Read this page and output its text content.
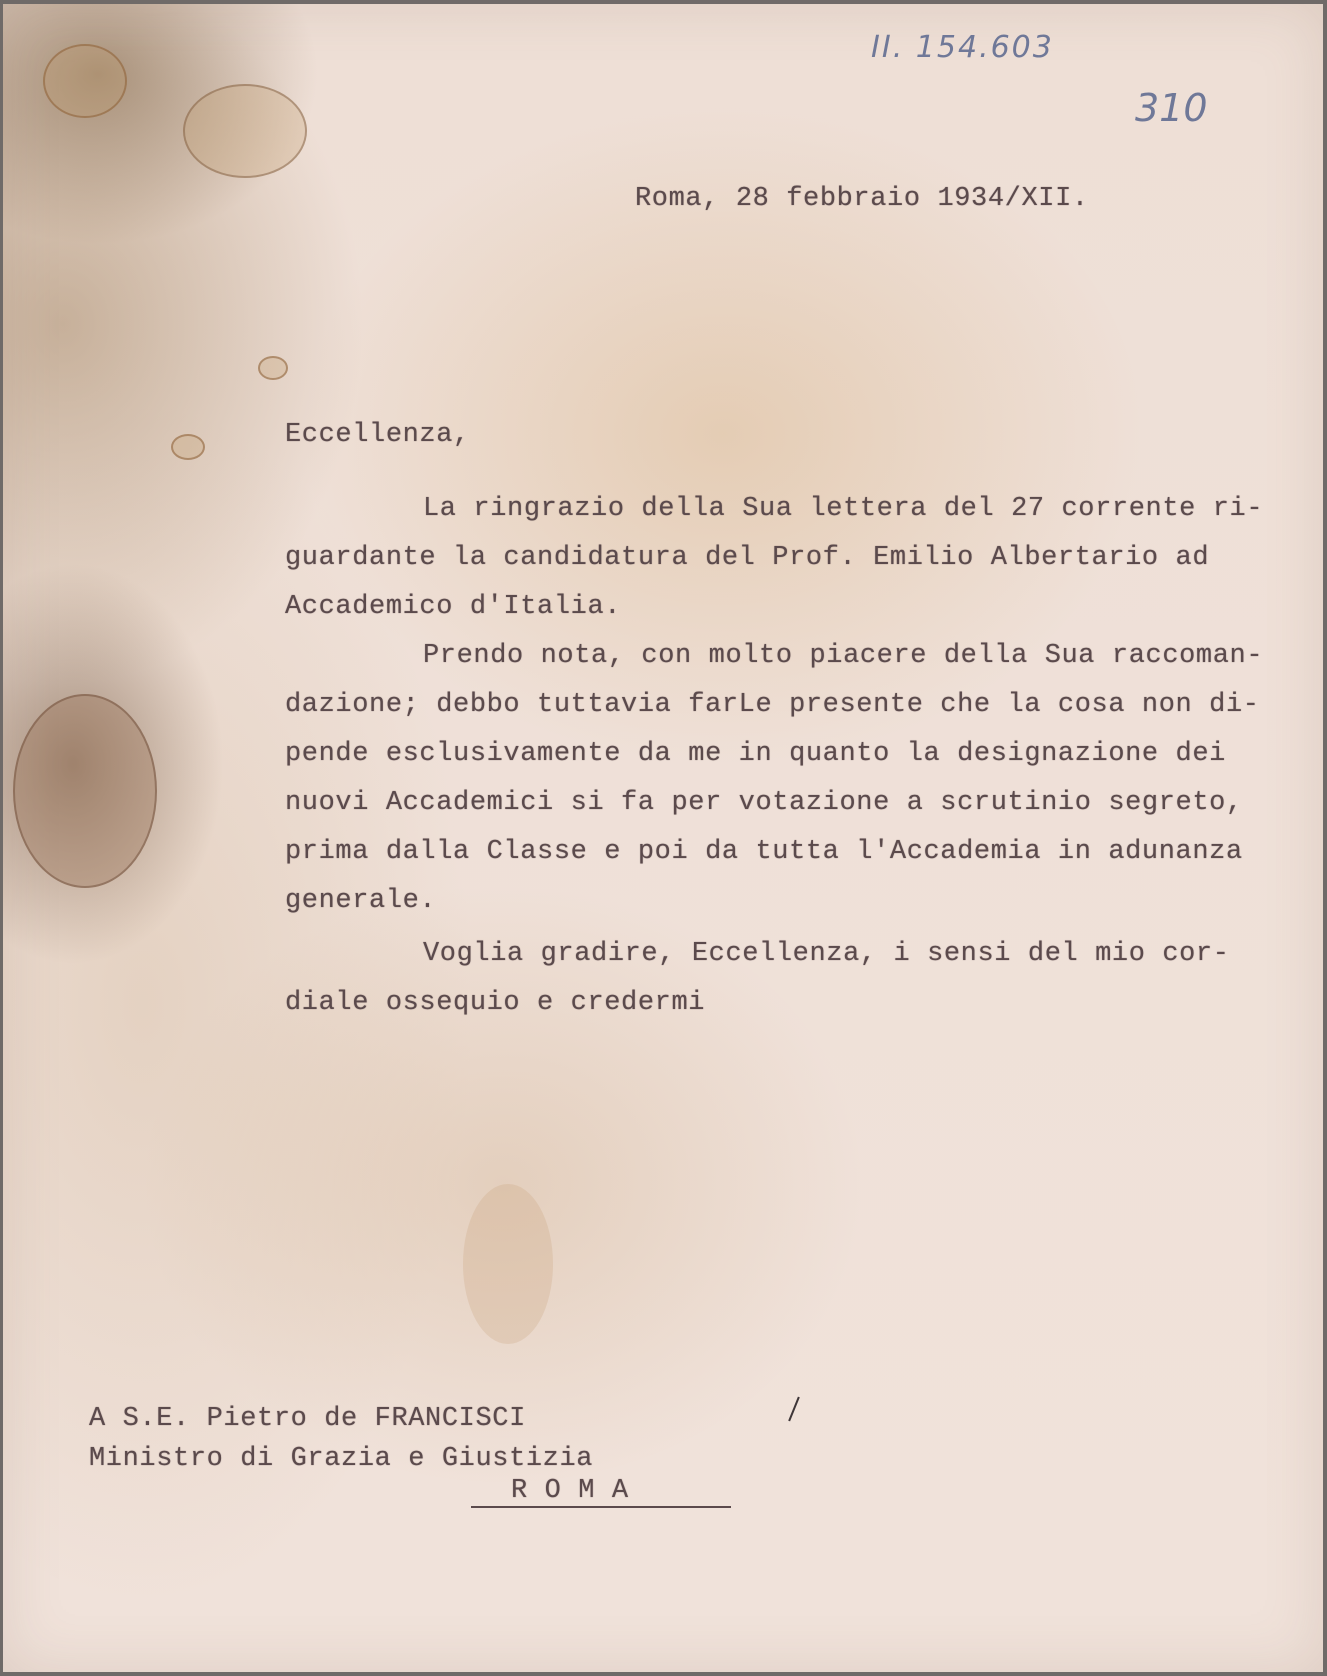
II. 154.603
310
Roma, 28 febbraio 1934/XII.
Eccellenza,
La ringrazio della Sua lettera del 27 corrente ri-
guardante la candidatura del Prof. Emilio Albertario ad
Accademico d'Italia.
Prendo nota, con molto piacere della Sua raccoman-
dazione; debbo tuttavia farLe presente che la cosa non di-
pende esclusivamente da me in quanto la designazione dei
nuovi Accademici si fa per votazione a scrutinio segreto,
prima dalla Classe e poi da tutta l'Accademia in adunanza
generale.
Voglia gradire, Eccellenza, i sensi del mio cor-
diale ossequio e credermi
A S.E. Pietro de FRANCISCI
Ministro di Grazia e Giustizia
R O M A
